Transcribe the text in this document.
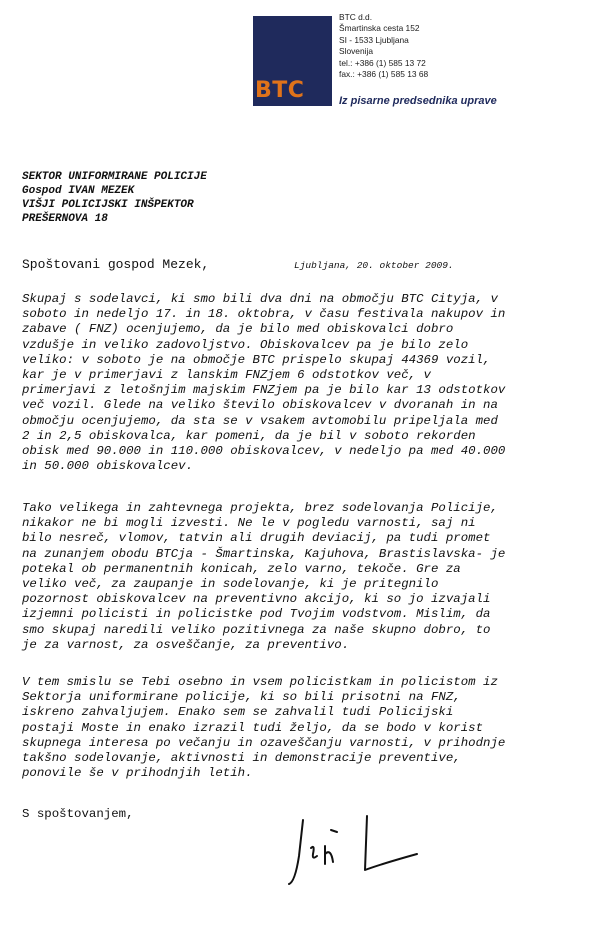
BTC
BTC d.d.
Šmartinska cesta 152
SI - 1533 Ljubljana
Slovenija
tel.: +386 (1) 585 13 72
fax.: +386 (1) 585 13 68
Iz pisarne predsednika uprave
SEKTOR UNIFORMIRANE POLICIJE
Gospod IVAN MEZEK
VIŠJI POLICIJSKI INŠPEKTOR
PREŠERNOVA 18
Spoštovani gospod Mezek,	Ljubljana, 20. oktober 2009.
Skupaj s sodelavci, ki smo bili dva dni na območju BTC Cityja, v
soboto in nedeljo 17. in 18. oktobra, v času festivala nakupov in
zabave ( FNZ) ocenjujemo, da je bilo med obiskovalci dobro
vzdušje in veliko zadovoljstvo. Obiskovalcev pa je bilo zelo
veliko: v soboto je na območje BTC prispelo skupaj 44369 vozil,
kar je v primerjavi z lanskim FNZjem 6 odstotkov več, v
primerjavi z letošnjim majskim FNZjem pa je bilo kar 13 odstotkov
več vozil. Glede na veliko število obiskovalcev v dvoranah in na
območju ocenjujemo, da sta se v vsakem avtomobilu pripeljala med
2 in 2,5 obiskovalca, kar pomeni, da je bil v soboto rekorden
obisk med 90.000 in 110.000 obiskovalcev, v nedeljo pa med 40.000
in 50.000 obiskovalcev.
Tako velikega in zahtevnega projekta, brez sodelovanja Policije,
nikakor ne bi mogli izvesti. Ne le v pogledu varnosti, saj ni
bilo nesreč, vlomov, tatvin ali drugih deviacij, pa tudi promet
na zunanjem obodu BTCja - Šmartinska, Kajuhova, Brastislavska- je
potekal ob permanentnih konicah, zelo varno, tekoče. Gre za
veliko več, za zaupanje in sodelovanje, ki je pritegnilo
pozornost obiskovalcev na preventivno akcijo, ki so jo izvajali
izjemni policisti in policistke pod Tvojim vodstvom. Mislim, da
smo skupaj naredili veliko pozitivnega za naše skupno dobro, to
je za varnost, za osveščanje, za preventivo.
V tem smislu se Tebi osebno in vsem policistkam in policistom iz
Sektorja uniformirane policije, ki so bili prisotni na FNZ,
iskreno zahvaljujem. Enako sem se zahvalil tudi Policijski
postaji Moste in enako izrazil tudi željo, da se bodo v korist
skupnega interesa po večanju in ozaveščanju varnosti, v prihodnje
takšno sodelovanje, aktivnosti in demonstracije preventive,
ponovile še v prihodnjih letih.
S spoštovanjem,
